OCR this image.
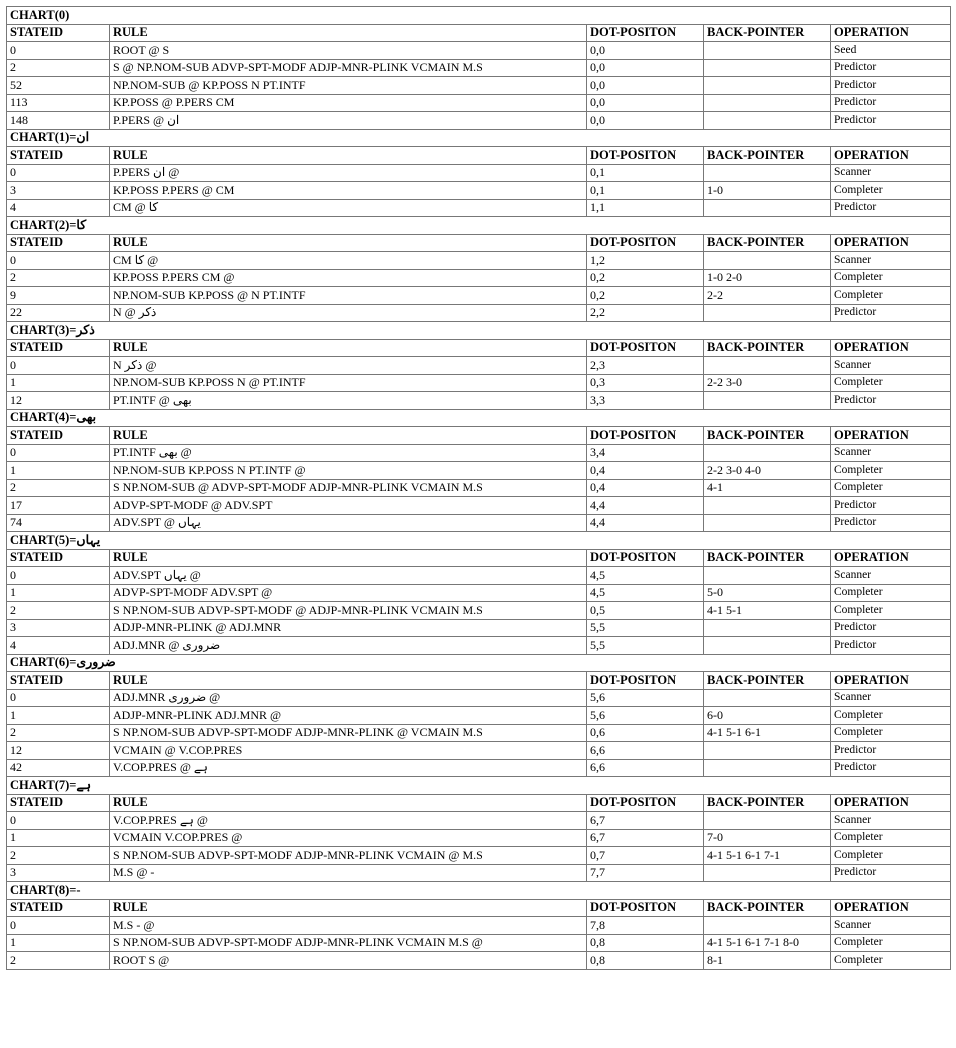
CHART(0)				
STATEID	RULE	DOT-POSITON	BACK-POINTER	OPERATION
0	ROOT @ S	0,0		Seed
2	S @ NP.NOM-SUB ADVP-SPT-MODF ADJP-MNR-PLINK VCMAIN M.S	0,0		Predictor
52	NP.NOM-SUB @ KP.POSS N PT.INTF	0,0		Predictor
113	KP.POSS @ P.PERS CM	0,0		Predictor
148	P.PERS @ ان	0,0		Predictor
CHART(1)=ان				
STATEID	RULE	DOT-POSITON	BACK-POINTER	OPERATION
0	P.PERS ان @	0,1		Scanner
3	KP.POSS P.PERS @ CM	0,1	1-0	Completer
4	CM @ کا	1,1		Predictor
CHART(2)=کا				
STATEID	RULE	DOT-POSITON	BACK-POINTER	OPERATION
0	CM کا @	1,2		Scanner
2	KP.POSS P.PERS CM @	0,2	1-0 2-0	Completer
9	NP.NOM-SUB KP.POSS @ N PT.INTF	0,2	2-2	Completer
22	N @ ذکر	2,2		Predictor
CHART(3)=ذکر				
STATEID	RULE	DOT-POSITON	BACK-POINTER	OPERATION
0	N ذکر @	2,3		Scanner
1	NP.NOM-SUB KP.POSS N @ PT.INTF	0,3	2-2 3-0	Completer
12	PT.INTF @ بھی	3,3		Predictor
CHART(4)=بھی				
STATEID	RULE	DOT-POSITON	BACK-POINTER	OPERATION
0	PT.INTF بھی @	3,4		Scanner
1	NP.NOM-SUB KP.POSS N PT.INTF @	0,4	2-2 3-0 4-0	Completer
2	S NP.NOM-SUB @ ADVP-SPT-MODF ADJP-MNR-PLINK VCMAIN M.S	0,4	4-1	Completer
17	ADVP-SPT-MODF @ ADV.SPT	4,4		Predictor
74	ADV.SPT @ یہاں	4,4		Predictor
CHART(5)=یہاں				
STATEID	RULE	DOT-POSITON	BACK-POINTER	OPERATION
0	ADV.SPT یہاں @	4,5		Scanner
1	ADVP-SPT-MODF ADV.SPT @	4,5	5-0	Completer
2	S NP.NOM-SUB ADVP-SPT-MODF @ ADJP-MNR-PLINK VCMAIN M.S	0,5	4-1 5-1	Completer
3	ADJP-MNR-PLINK @ ADJ.MNR	5,5		Predictor
4	ADJ.MNR @ ضروری	5,5		Predictor
CHART(6)=ضروری				
STATEID	RULE	DOT-POSITON	BACK-POINTER	OPERATION
0	ADJ.MNR ضروری @	5,6		Scanner
1	ADJP-MNR-PLINK ADJ.MNR @	5,6	6-0	Completer
2	S NP.NOM-SUB ADVP-SPT-MODF ADJP-MNR-PLINK @ VCMAIN M.S	0,6	4-1 5-1 6-1	Completer
12	VCMAIN @ V.COP.PRES	6,6		Predictor
42	V.COP.PRES @ ہے	6,6		Predictor
CHART(7)=ہے				
STATEID	RULE	DOT-POSITON	BACK-POINTER	OPERATION
0	V.COP.PRES ہے @	6,7		Scanner
1	VCMAIN V.COP.PRES @	6,7	7-0	Completer
2	S NP.NOM-SUB ADVP-SPT-MODF ADJP-MNR-PLINK VCMAIN @ M.S	0,7	4-1 5-1 6-1 7-1	Completer
3	M.S @ -	7,7		Predictor
CHART(8)=-				
STATEID	RULE	DOT-POSITON	BACK-POINTER	OPERATION
0	M.S - @	7,8		Scanner
1	S NP.NOM-SUB ADVP-SPT-MODF ADJP-MNR-PLINK VCMAIN M.S @	0,8	4-1 5-1 6-1 7-1 8-0	Completer
2	ROOT S @	0,8	8-1	Completer
